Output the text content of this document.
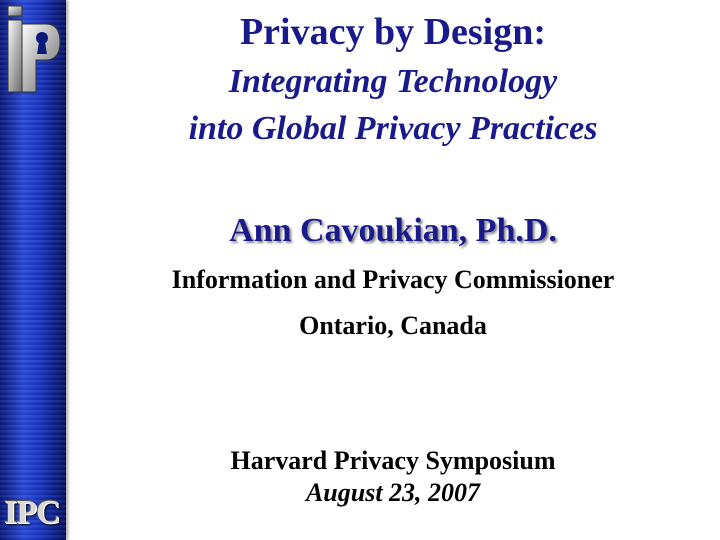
IPC
Privacy by Design:
Integrating Technology
into Global Privacy Practices
Ann Cavoukian, Ph.D.
Information and Privacy Commissioner
Ontario, Canada
Harvard Privacy Symposium
August 23, 2007
